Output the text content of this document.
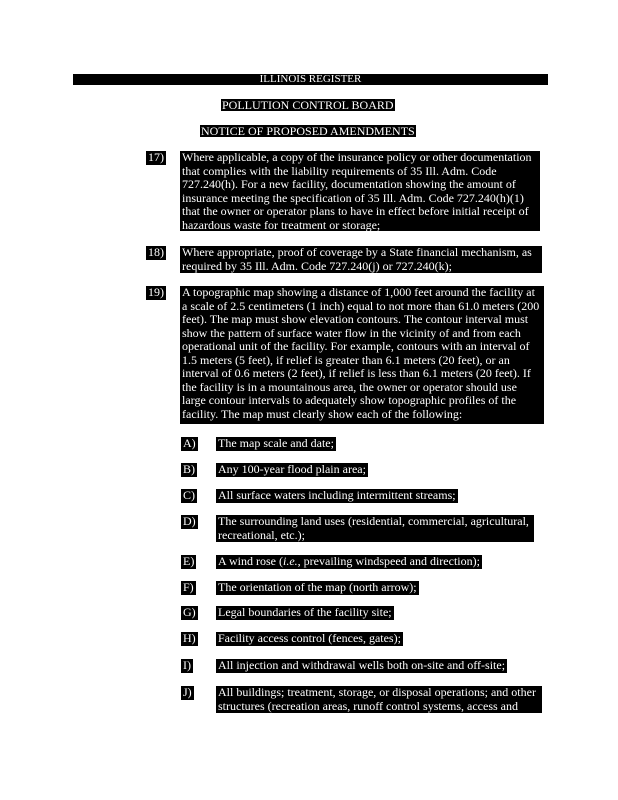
ILLINOIS REGISTER
POLLUTION CONTROL BOARD
NOTICE OF PROPOSED AMENDMENTS
17) Where applicable, a copy of the insurance policy or other documentation that complies with the liability requirements of 35 Ill. Adm. Code 727.240(h). For a new facility, documentation showing the amount of insurance meeting the specification of 35 Ill. Adm. Code 727.240(h)(1) that the owner or operator plans to have in effect before initial receipt of hazardous waste for treatment or storage;
18) Where appropriate, proof of coverage by a State financial mechanism, as required by 35 Ill. Adm. Code 727.240(j) or 727.240(k);
19) A topographic map showing a distance of 1,000 feet around the facility at a scale of 2.5 centimeters (1 inch) equal to not more than 61.0 meters (200 feet). The map must show elevation contours. The contour interval must show the pattern of surface water flow in the vicinity of and from each operational unit of the facility. For example, contours with an interval of 1.5 meters (5 feet), if relief is greater than 6.1 meters (20 feet), or an interval of 0.6 meters (2 feet), if relief is less than 6.1 meters (20 feet). If the facility is in a mountainous area, the owner or operator should use large contour intervals to adequately show topographic profiles of the facility. The map must clearly show each of the following:
A) The map scale and date;
B) Any 100-year flood plain area;
C) All surface waters including intermittent streams;
D) The surrounding land uses (residential, commercial, agricultural, recreational, etc.);
E) A wind rose (i.e., prevailing windspeed and direction);
F) The orientation of the map (north arrow);
G) Legal boundaries of the facility site;
H) Facility access control (fences, gates);
I) All injection and withdrawal wells both on-site and off-site;
J) All buildings; treatment, storage, or disposal operations; and other structures (recreation areas, runoff control systems, access and
